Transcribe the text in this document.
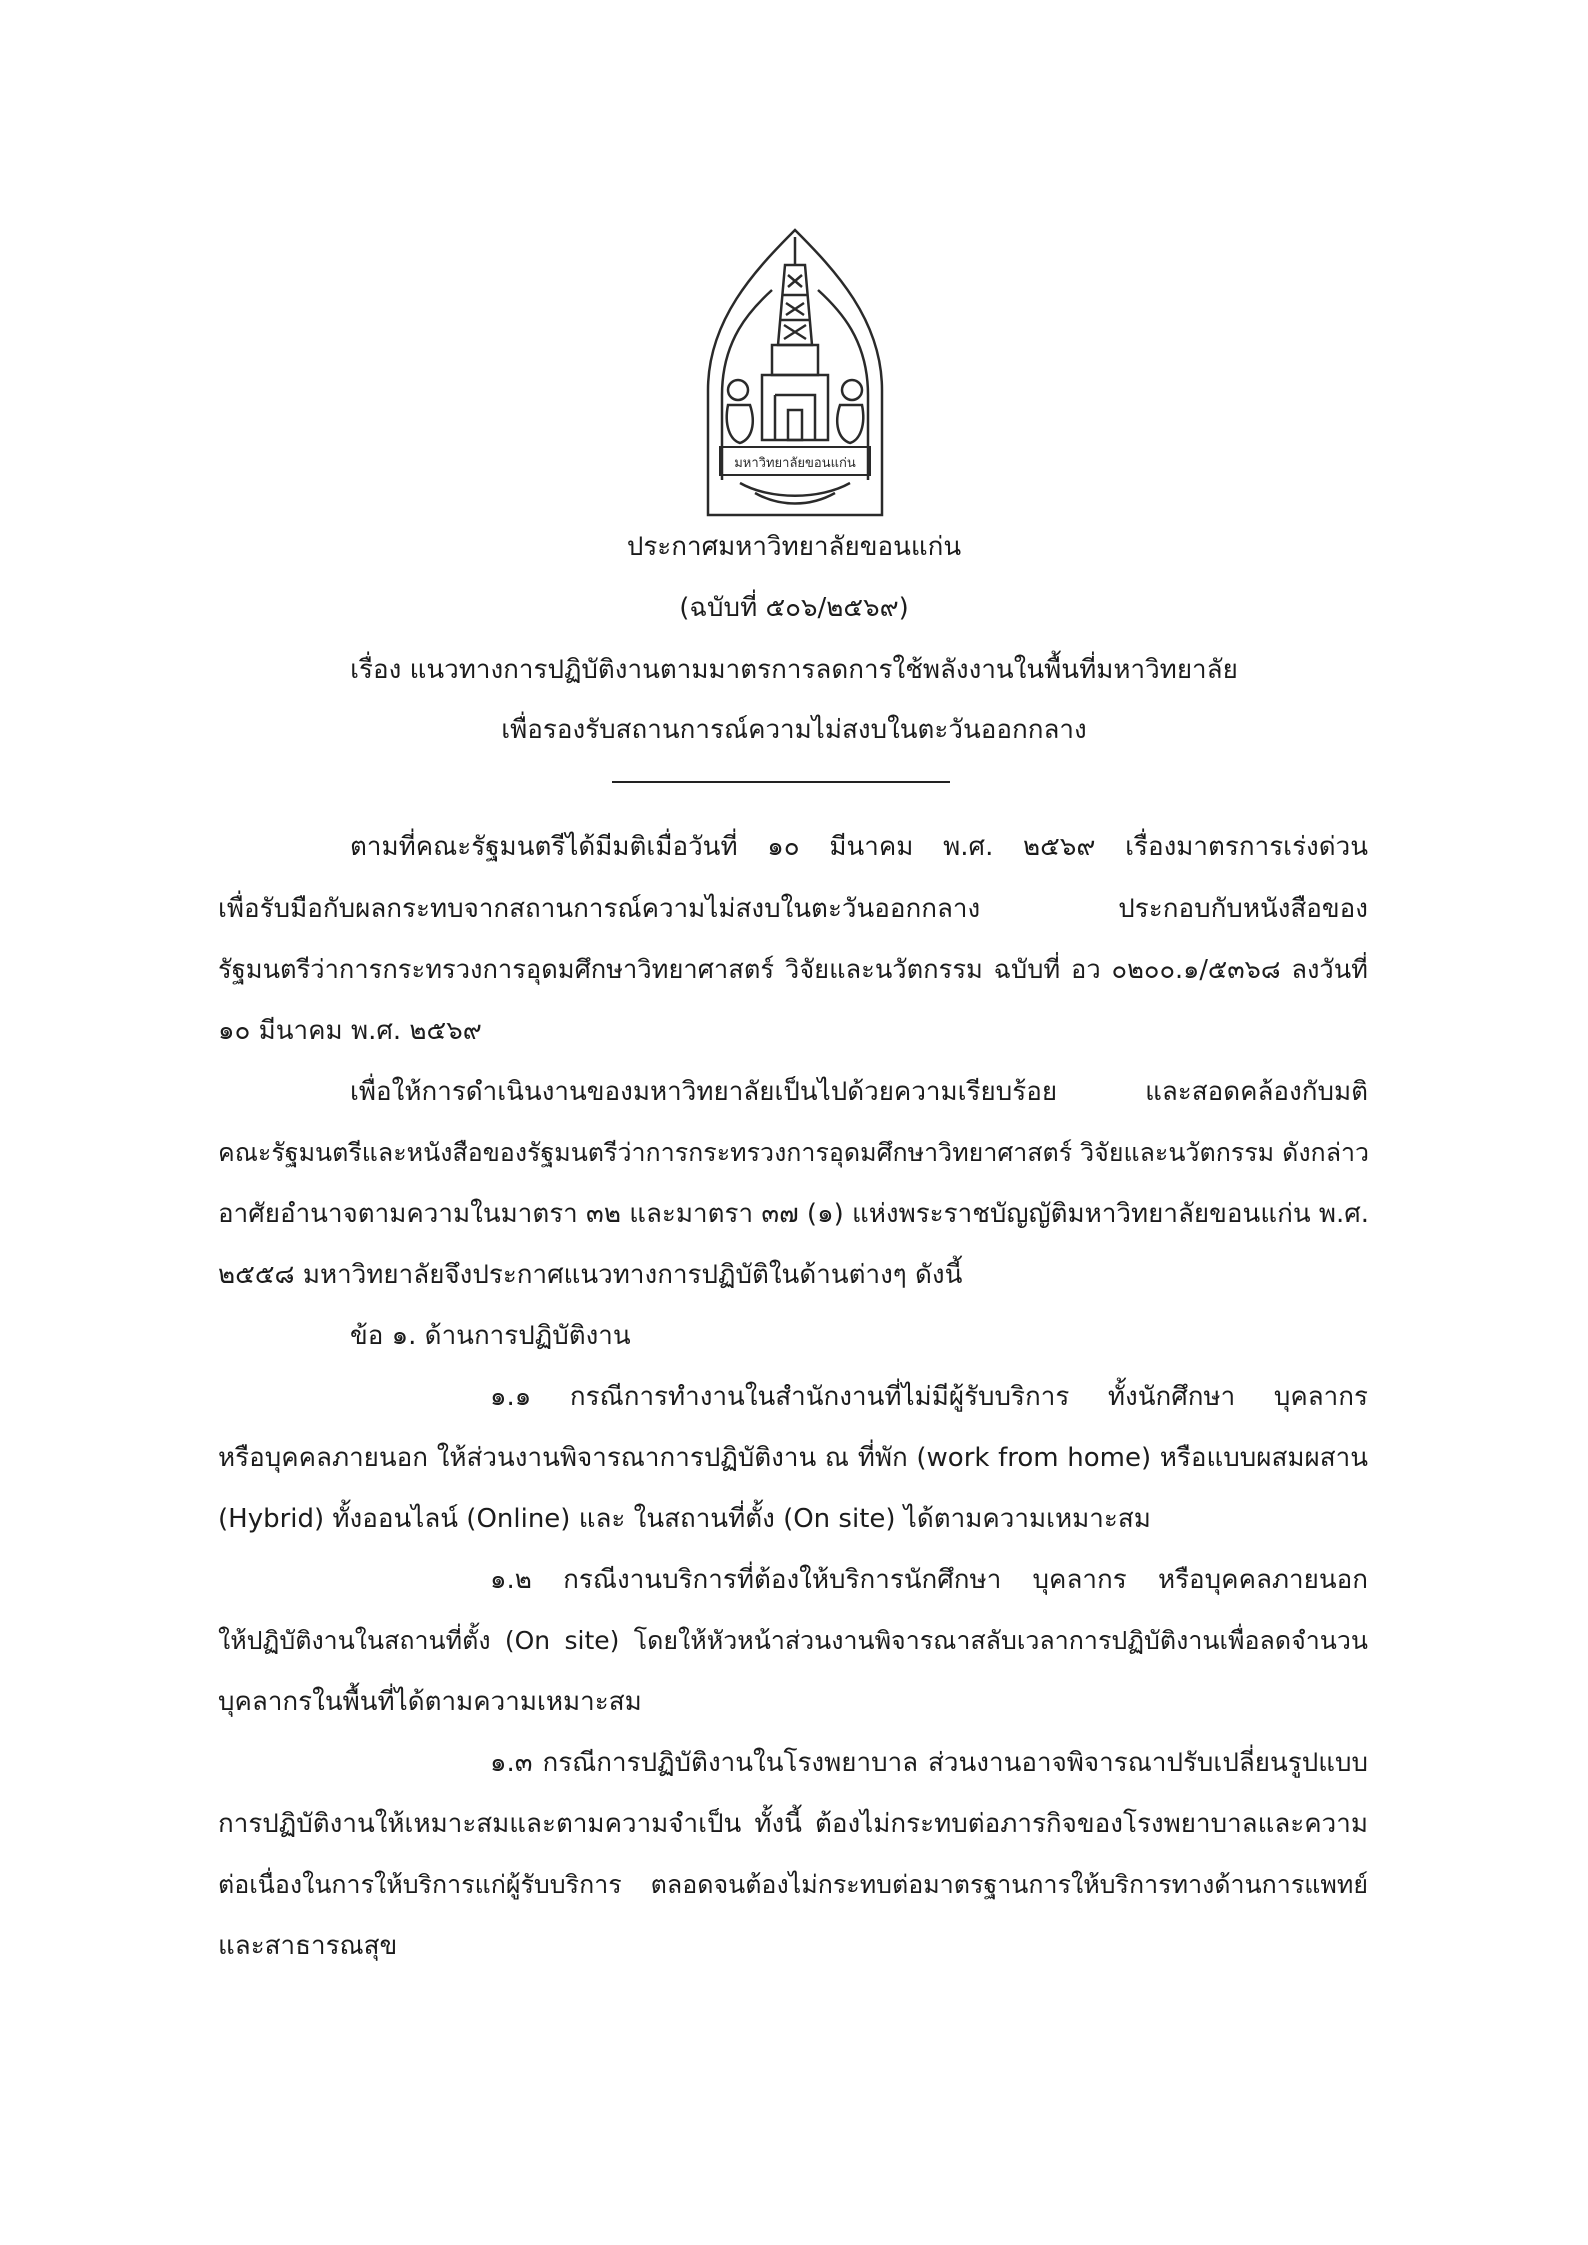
มหาวิทยาลัยขอนแก่น
ประกาศมหาวิทยาลัยขอนแก่น
(ฉบับที่ ๕๐๖/๒๕๖๙)
เรื่อง แนวทางการปฏิบัติงานตามมาตรการลดการใช้พลังงานในพื้นที่มหาวิทยาลัย
เพื่อรองรับสถานการณ์ความไม่สงบในตะวันออกกลาง
ตามที่คณะรัฐมนตรีได้มีมติเมื่อวันที่ ๑๐ มีนาคม พ.ศ. ๒๕๖๙ เรื่องมาตรการเร่งด่วน
เพื่อรับมือกับผลกระทบจากสถานการณ์ความไม่สงบในตะวันออกกลาง ประกอบกับหนังสือของ
รัฐมนตรีว่าการกระทรวงการอุดมศึกษาวิทยาศาสตร์ วิจัยและนวัตกรรม ฉบับที่ อว ๐๒๐๐.๑/๕๓๖๘ ลงวันที่
๑๐ มีนาคม พ.ศ. ๒๕๖๙
เพื่อให้การดำเนินงานของมหาวิทยาลัยเป็นไปด้วยความเรียบร้อย และสอดคล้องกับมติ
คณะรัฐมนตรีและหนังสือของรัฐมนตรีว่าการกระทรวงการอุดมศึกษาวิทยาศาสตร์ วิจัยและนวัตกรรม ดังกล่าว
อาศัยอำนาจตามความในมาตรา ๓๒ และมาตรา ๓๗ (๑) แห่งพระราชบัญญัติมหาวิทยาลัยขอนแก่น พ.ศ.
๒๕๕๘ มหาวิทยาลัยจึงประกาศแนวทางการปฏิบัติในด้านต่างๆ ดังนี้
ข้อ ๑. ด้านการปฏิบัติงาน
๑.๑ กรณีการทำงานในสำนักงานที่ไม่มีผู้รับบริการ ทั้งนักศึกษา บุคลากร
หรือบุคคลภายนอก ให้ส่วนงานพิจารณาการปฏิบัติงาน ณ ที่พัก (work from home) หรือแบบผสมผสาน
(Hybrid) ทั้งออนไลน์ (Online) และ ในสถานที่ตั้ง (On site) ได้ตามความเหมาะสม
๑.๒ กรณีงานบริการที่ต้องให้บริการนักศึกษา บุคลากร หรือบุคคลภายนอก
ให้ปฏิบัติงานในสถานที่ตั้ง (On site) โดยให้หัวหน้าส่วนงานพิจารณาสลับเวลาการปฏิบัติงานเพื่อลดจำนวน
บุคลากรในพื้นที่ได้ตามความเหมาะสม
๑.๓ กรณีการปฏิบัติงานในโรงพยาบาล ส่วนงานอาจพิจารณาปรับเปลี่ยนรูปแบบ
การปฏิบัติงานให้เหมาะสมและตามความจำเป็น ทั้งนี้ ต้องไม่กระทบต่อภารกิจของโรงพยาบาลและความ
ต่อเนื่องในการให้บริการแก่ผู้รับบริการ ตลอดจนต้องไม่กระทบต่อมาตรฐานการให้บริการทางด้านการแพทย์
และสาธารณสุข
